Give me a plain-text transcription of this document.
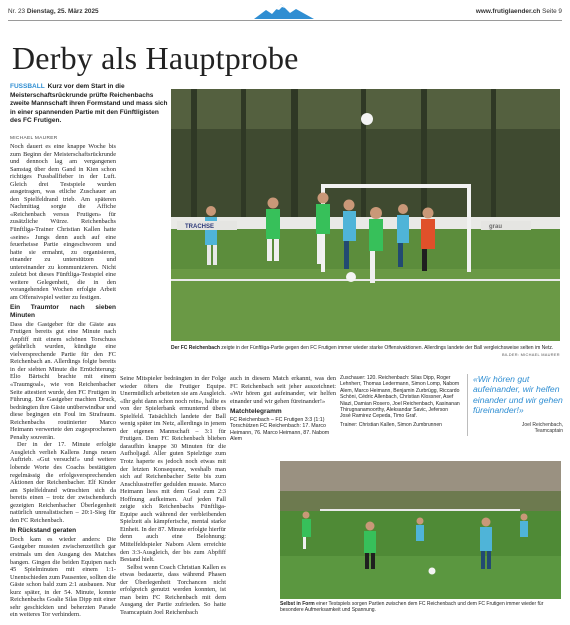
Nr. 23 Dienstag, 25. März 2025	www.frutiglaender.ch Seite 9
Derby als Hauptprobe
FUSSBALL Kurz vor dem Start in die Meisterschaftsrückrunde prüfte Reichenbachs zweite Mannschaft ihren Formstand und mass sich in einer spannenden Partie mit den Fünftligisten des FC Frutigen.
MICHAEL MAURER

Noch dauert es eine knappe Woche bis zum Beginn der Meisterschaftsrückrunde und dennoch lag am vergangenen Samstag über dem Gand in Kien schon richtiges Fussballfieber in der Luft. Gleich drei Testspiele wurden ausgetragen, was etliche Zuschauer an den Spielfeldrand trieb. Am späteren Nachmittag sorgte die Affiche «Reichenbach versus Frutigen» für zusätzliche Würze. Reichenbachs Fünftliga-Trainer Christian Kallen hatte «seine» Jungs denn auch auf eine feuerheisse Partie eingeschworen und hatte sie ermahnt, zu organisieren, einander zu unterstützen und untereinander zu kommunizieren. Nicht zuletzt bot dieses Fünftliga-Testspiel eine weitere Gelegenheit, die in den vorangehenden Wochen erfolgte Arbeit am Offensivspiel weiter zu festigen.

Ein Traumtor nach sieben Minuten

Dass die Gastgeber für die Gäste aus Frutigen bereits gut eine Minute nach Anpfiff mit einem schönen Torschuss gefährlich wurden, kündigte eine vielversprechende Partie für den FC Reichenbach an. Allerdings folgte bereits in der siebten Minute die Ernüchterung: Elio Bärtschi brachte mit einem «Traumgoal», wie von Reichenbacher Seite attestiert wurde, den FC Frutigen in Führung. Die Gastgeber machten Druck, bedrängten ihre Gäste unüberwindbar und diese begingen ein Foul im Strafraum. Reichenbachs routinierter Marco Heimann verwertete den zugesprochenen Penalty souverän.

Der in der 17. Minute erfolgte Ausgleich verlieh Kallens Jungs neuen Auftrieb. «Gut versucht!» und weitere lobende Worte des Coachs bestätigten regelmässig die erfolgsversprechenden Aktionen der Reichenbacher. Elf Kinder am Spielfeldrand wünschten sich da bereits einen – trotz der zwischendurch gezeigten Reichenbacher Überlegenheit natürlich unrealistischen – 20:1-Sieg für den FC Reichenbach.

In Rückstand geraten

Doch kam es wieder anders: Die Gastgeber mussten zwischenzeitlich gar erstmals um den Ausgang des Matches bangen. Gingen die beiden Equipen nach 45 Spielminuten mit einem 1:1-Unentschieden zum Pausentee, sollten die Gäste schon bald zum 2:1 ausbauen. Nur kurz später, in der 54. Minute, konnte Reichenbachs Goalie Silas Dipp mit einer sehr geschickten und beherzten Parade ein weiteres Tor verhindern.

TRACHSE	grau
Der FC Reichenbach zeigte in der Fünftliga-Partie gegen den FC Frutigen immer wieder starke Offensivaktionen. Allerdings landete der Ball vergleichsweise selten im Netz.
BILDER: MICHAEL MAURER

Seine Mitspieler bedrängten in der Folge wieder öfters die Frutiger Equipe. Unermüdlich arbeiteten sie am Ausgleich. «Ihr geht dann schon noch rein», hallte es von der Spielerbank ermunternd übers Spielfeld. Tatsächlich landete der Ball wenig später im Netz, allerdings in jenem der eigenen Mannschaft – 3:1 für Frutigen. Dem FC Reichenbach blieben daraufhin knappe 30 Minuten für die Aufholjagd. Aller guten Spielzüge zum Trotz haperte es jedoch noch etwas mit der letzten Konsequenz, weshalb man sich auf Reichenbacher Seite bis zum Anschlusstreffer gedulden musste. Marco Heimann liess mit dem Goal zum 2:3 Hoffnung aufkeimen. Auf jeden Fall zeigte sich Reichenbachs Fünftliga-Equipe auch während der verbleibenden Spielzeit als kämpferische, mental starke Einheit. In der 87. Minute erfolgte hierfür denn auch eine Belohnung: Mittelfeldspieler Nabom Alem erreichte den 3:3-Ausgleich, der bis zum Abpfiff Bestand hielt.

Selbst wenn Coach Christian Kallen es etwas bedauerte, dass während Phasen der Überlegenheit Torchancen nicht erfolgreich genutzt werden konnten, ist man beim FC Reichenbach mit dem Ausgang der Partie zufrieden. So hatte Teamcaptain Joel Reichenbach

auch in diesem Match erkannt, was den FC Reichenbach seit jeher auszeichnet: «Wir hören gut aufeinander, wir helfen einander und wir gehen füreinander!»

Matchtelegramm

FC Reichenbach – FC Frutigen 3:3 (1:1) Torschützen FC Reichenbach: 17. Marco Heimann, 76. Marco Heimann, 87. Nabom Alem

Zuschauer: 120. Reichenbach: Silas Dipp, Roger Lehnherr, Thomas Ledermann, Simon Lomp, Nabom Alem, Marco Heimann, Benjamin Zurbrügg, Riccardo Schöni, Cédric Allenbach, Christian Klossner, Asef Niazi, Damian Rosero, Joel Reichenbach, Kasinanan Thirugnanamoorthy, Aleksandar Savic, Jeferson José Ramirez Cepeda, Timo Graf.

Trainer: Christian Kallen, Simon Zumbrunnen

«Wir hören gut aufeinander, wir helfen einander und wir gehen füreinander!»
Joel Reichenbach,
Teamcaptain
Selbst in Form einer Testspiels sorgen Partien zwischen dem FC Reichenbach und dem FC Frutigen immer wieder für besondere Aufmerksamkeit und Spannung.
